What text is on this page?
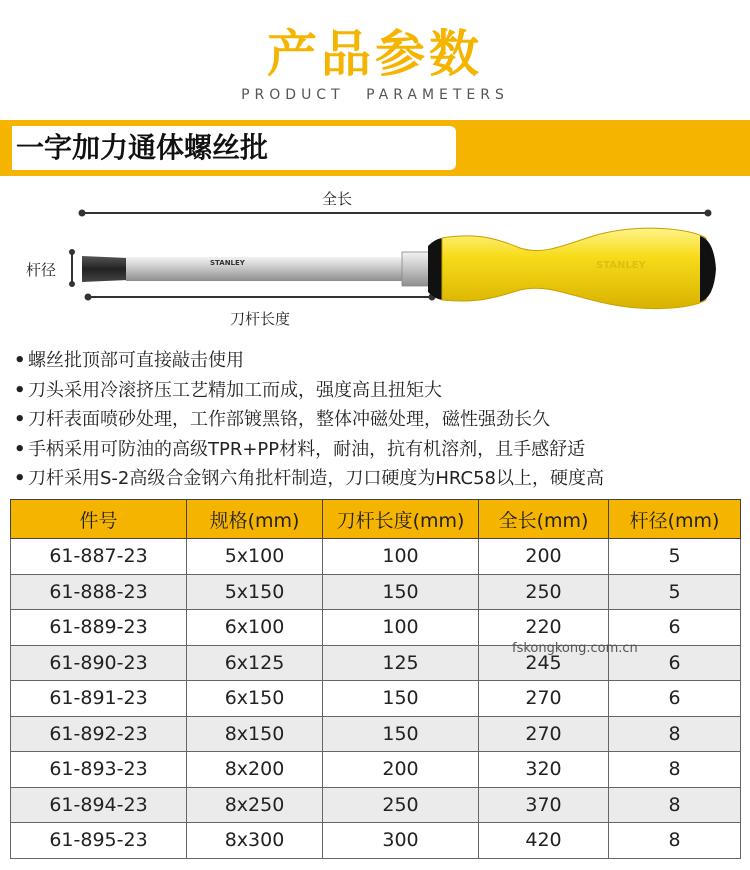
产品参数
PRODUCT PARAMETERS
一字加力通体螺丝批
STANLEY	STANLEY
全长
杆径
刀杆长度
• 螺丝批顶部可直接敲击使用
• 刀头采用冷滚挤压工艺精加工而成，强度高且扭矩大
• 刀杆表面喷砂处理，工作部镀黑铬，整体冲磁处理，磁性强劲长久
• 手柄采用可防油的高级TPR+PP材料，耐油，抗有机溶剂，且手感舒适
• 刀杆采用S-2高级合金钢六角批杆制造，刀口硬度为HRC58以上，硬度高
件号	规格(mm)	刀杆长度(mm)	全长(mm)	杆径(mm)
61-887-23	5x100	100	200	5
61-888-23	5x150	150	250	5
61-889-23	6x100	100	220	6
61-890-23	6x125	125	245	6
61-891-23	6x150	150	270	6
61-892-23	8x150	150	270	8
61-893-23	8x200	200	320	8
61-894-23	8x250	250	370	8
61-895-23	8x300	300	420	8
fskongkong.com.cn
